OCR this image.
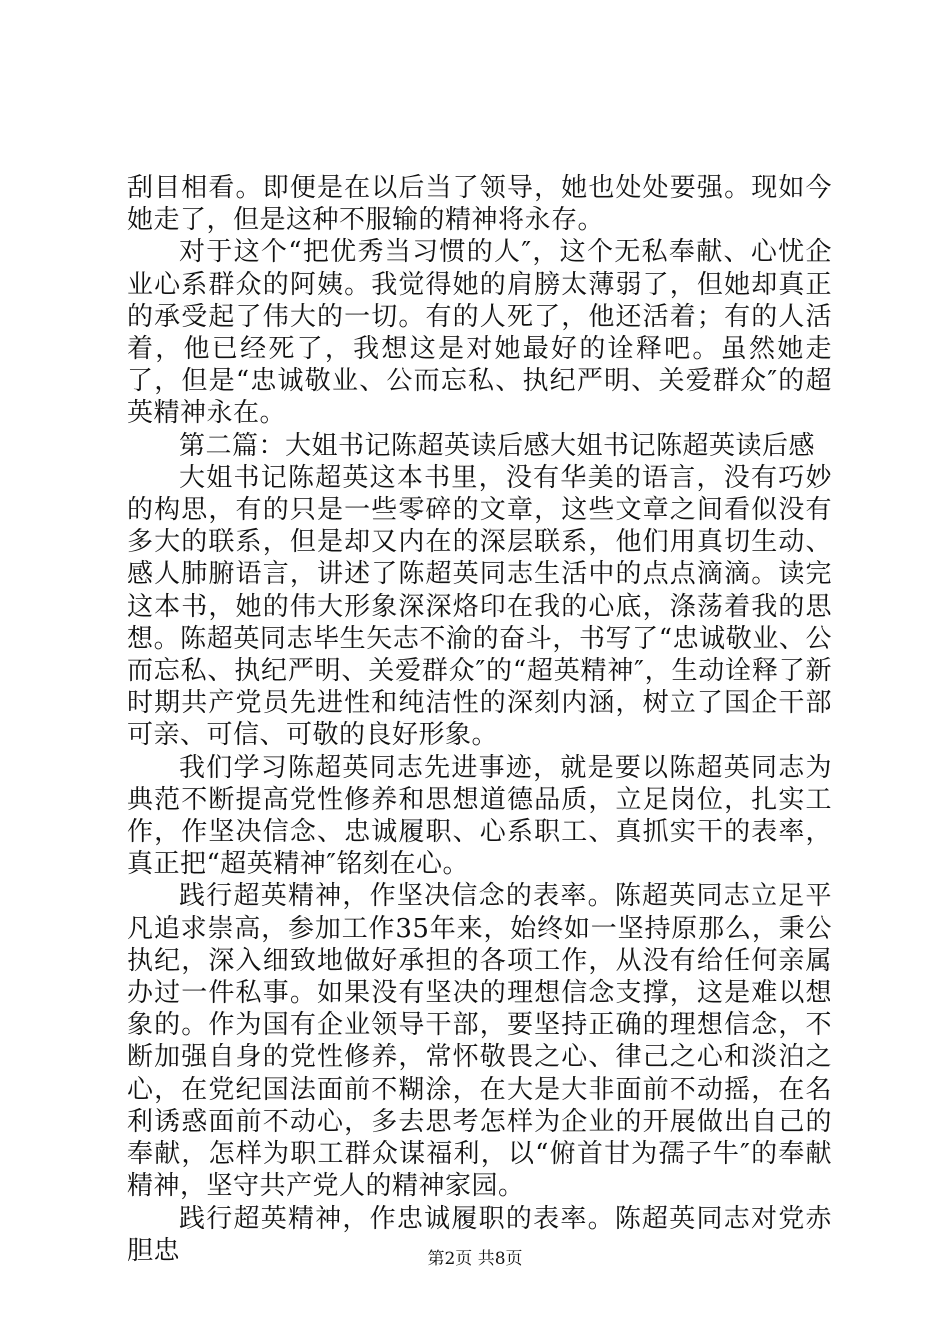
刮目相看。即便是在以后当了领导，她也处处要强。现如今她走了，但是这种不服输的精神将永存。

对于这个“把优秀当习惯的人″，这个无私奉献、心忧企业心系群众的阿姨。我觉得她的肩膀太薄弱了，但她却真正的承受起了伟大的一切。有的人死了，他还活着；有的人活着，他已经死了，我想这是对她最好的诠释吧。虽然她走了，但是“忠诚敬业、公而忘私、执纪严明、关爱群众″的超英精神永在。

第二篇：大姐书记陈超英读后感大姐书记陈超英读后感

大姐书记陈超英这本书里，没有华美的语言，没有巧妙的构思，有的只是一些零碎的文章，这些文章之间看似没有多大的联系，但是却又内在的深层联系，他们用真切生动、感人肺腑语言，讲述了陈超英同志生活中的点点滴滴。读完这本书，她的伟大形象深深烙印在我的心底，涤荡着我的思想。陈超英同志毕生矢志不渝的奋斗，书写了“忠诚敬业、公而忘私、执纪严明、关爱群众″的“超英精神″，生动诠释了新时期共产党员先进性和纯洁性的深刻内涵，树立了国企干部可亲、可信、可敬的良好形象。

我们学习陈超英同志先进事迹，就是要以陈超英同志为典范不断提高党性修养和思想道德品质，立足岗位，扎实工作，作坚决信念、忠诚履职、心系职工、真抓实干的表率，真正把“超英精神″铭刻在心。

践行超英精神，作坚决信念的表率。陈超英同志立足平凡追求崇高，参加工作35年来，始终如一坚持原那么，秉公执纪，深入细致地做好承担的各项工作，从没有给任何亲属办过一件私事。如果没有坚决的理想信念支撑，这是难以想象的。作为国有企业领导干部，要坚持正确的理想信念，不断加强自身的党性修养，常怀敬畏之心、律己之心和淡泊之心，在党纪国法面前不糊涂，在大是大非面前不动摇，在名利诱惑面前不动心，多去思考怎样为企业的开展做出自己的奉献，怎样为职工群众谋福利，以“俯首甘为孺子牛″的奉献精神，坚守共产党人的精神家园。

践行超英精神，作忠诚履职的表率。陈超英同志对党赤胆忠	第2页 共8页
